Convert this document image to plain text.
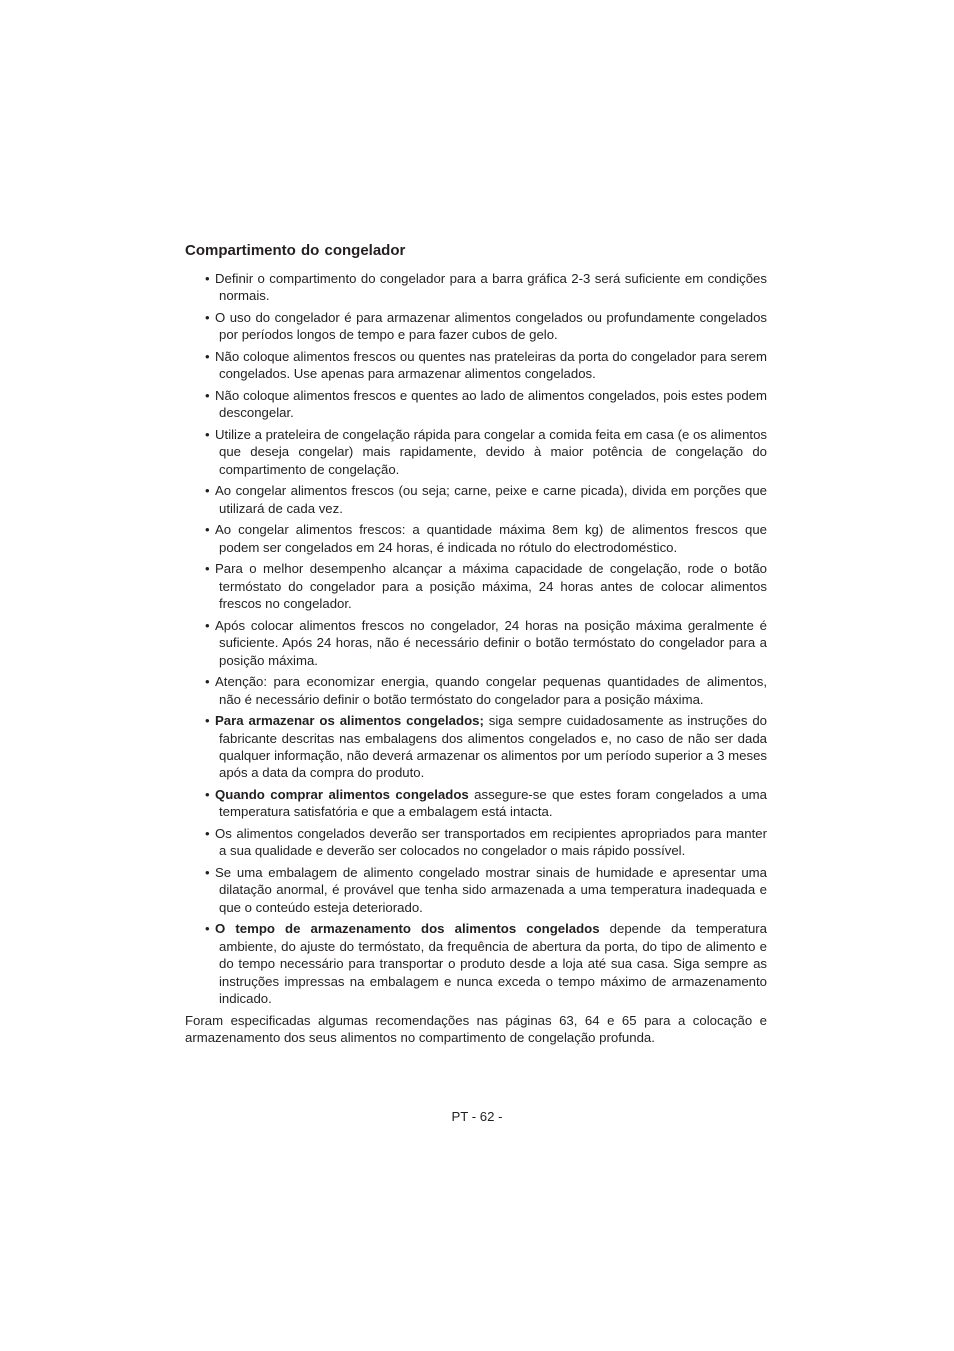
Compartimento do congelador
• Definir o compartimento do congelador para a barra gráfica 2-3 será suficiente em condições normais.
• O uso do congelador é para armazenar alimentos congelados ou profundamente congelados por períodos longos de tempo e para fazer cubos de gelo.
• Não coloque alimentos frescos ou quentes nas prateleiras da porta do congelador para serem congelados. Use apenas para armazenar alimentos congelados.
• Não coloque alimentos frescos e quentes ao lado de alimentos congelados, pois estes podem descongelar.
• Utilize a prateleira de congelação rápida para congelar a comida feita em casa (e os alimentos que deseja congelar) mais rapidamente, devido à maior potência de congelação do compartimento de congelação.
• Ao congelar alimentos frescos (ou seja; carne, peixe e carne picada), divida em porções que utilizará de cada vez.
• Ao congelar alimentos frescos: a quantidade máxima 8em kg) de alimentos frescos que podem ser congelados em 24 horas, é indicada no rótulo do electrodoméstico.
• Para o melhor desempenho alcançar a máxima capacidade de congelação, rode o botão termóstato do congelador para a posição máxima, 24 horas antes de colocar alimentos frescos no congelador.
• Após colocar alimentos frescos no congelador, 24 horas na posição máxima geralmente é suficiente. Após 24 horas, não é necessário definir o botão termóstato do congelador para a posição máxima.
• Atenção: para economizar energia, quando congelar pequenas quantidades de alimentos, não é necessário definir o botão termóstato do congelador para a posição máxima.
• Para armazenar os alimentos congelados; siga sempre cuidadosamente as instruções do fabricante descritas nas embalagens dos alimentos congelados e, no caso de não ser dada qualquer informação, não deverá armazenar os alimentos por um período superior a 3 meses após a data da compra do produto.
• Quando comprar alimentos congelados assegure-se que estes foram congelados a uma temperatura satisfatória e que a embalagem está intacta.
• Os alimentos congelados deverão ser transportados em recipientes apropriados para manter a sua qualidade e deverão ser colocados no congelador o mais rápido possível.
• Se uma embalagem de alimento congelado mostrar sinais de humidade e apresentar uma dilatação anormal, é provável que tenha sido armazenada a uma temperatura inadequada e que o conteúdo esteja deteriorado.
• O tempo de armazenamento dos alimentos congelados depende da temperatura ambiente, do ajuste do termóstato, da frequência de abertura da porta, do tipo de alimento e do tempo necessário para transportar o produto desde a loja até sua casa. Siga sempre as instruções impressas na embalagem e nunca exceda o tempo máximo de armazenamento indicado.

Foram especificadas algumas recomendações nas páginas 63, 64 e 65 para a colocação e armazenamento dos seus alimentos no compartimento de congelação profunda.

PT - 62 -
